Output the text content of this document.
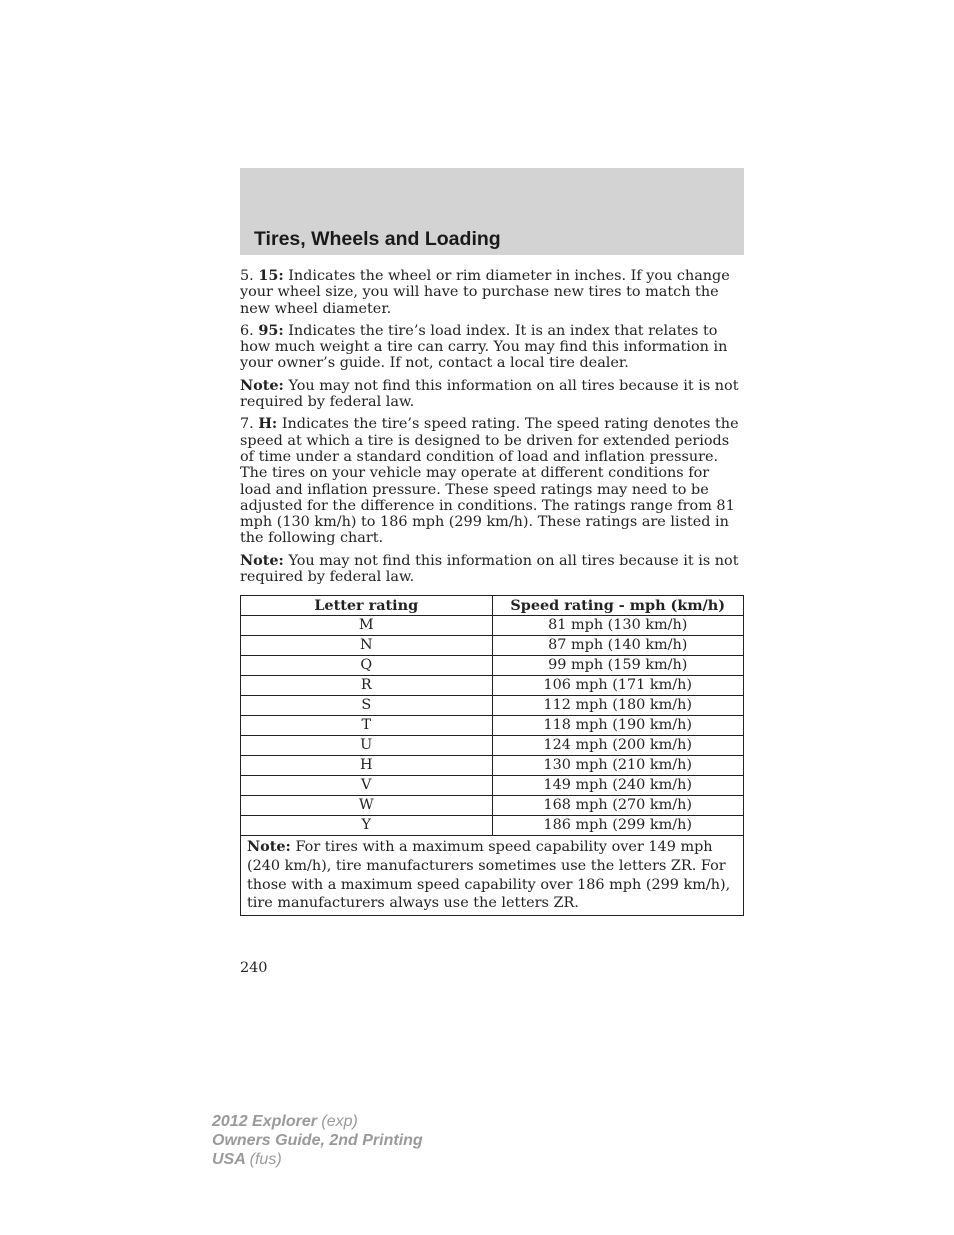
Tires, Wheels and Loading

5. 15: Indicates the wheel or rim diameter in inches. If you change your wheel size, you will have to purchase new tires to match the new wheel diameter.

6. 95: Indicates the tire’s load index. It is an index that relates to how much weight a tire can carry. You may find this information in your owner’s guide. If not, contact a local tire dealer.

Note: You may not find this information on all tires because it is not required by federal law.

7. H: Indicates the tire’s speed rating. The speed rating denotes the speed at which a tire is designed to be driven for extended periods of time under a standard condition of load and inflation pressure. The tires on your vehicle may operate at different conditions for load and inflation pressure. These speed ratings may need to be adjusted for the difference in conditions. The ratings range from 81 mph (130 km/h) to 186 mph (299 km/h). These ratings are listed in the following chart.

Note: You may not find this information on all tires because it is not required by federal law.

Letter rating	Speed rating - mph (km/h)
M	81 mph (130 km/h)
N	87 mph (140 km/h)
Q	99 mph (159 km/h)
R	106 mph (171 km/h)
S	112 mph (180 km/h)
T	118 mph (190 km/h)
U	124 mph (200 km/h)
H	130 mph (210 km/h)
V	149 mph (240 km/h)
W	168 mph (270 km/h)
Y	186 mph (299 km/h)
Note: For tires with a maximum speed capability over 149 mph (240 km/h), tire manufacturers sometimes use the letters ZR. For those with a maximum speed capability over 186 mph (299 km/h), tire manufacturers always use the letters ZR.	
240
2012 Explorer (exp)
Owners Guide, 2nd Printing
USA (fus)
